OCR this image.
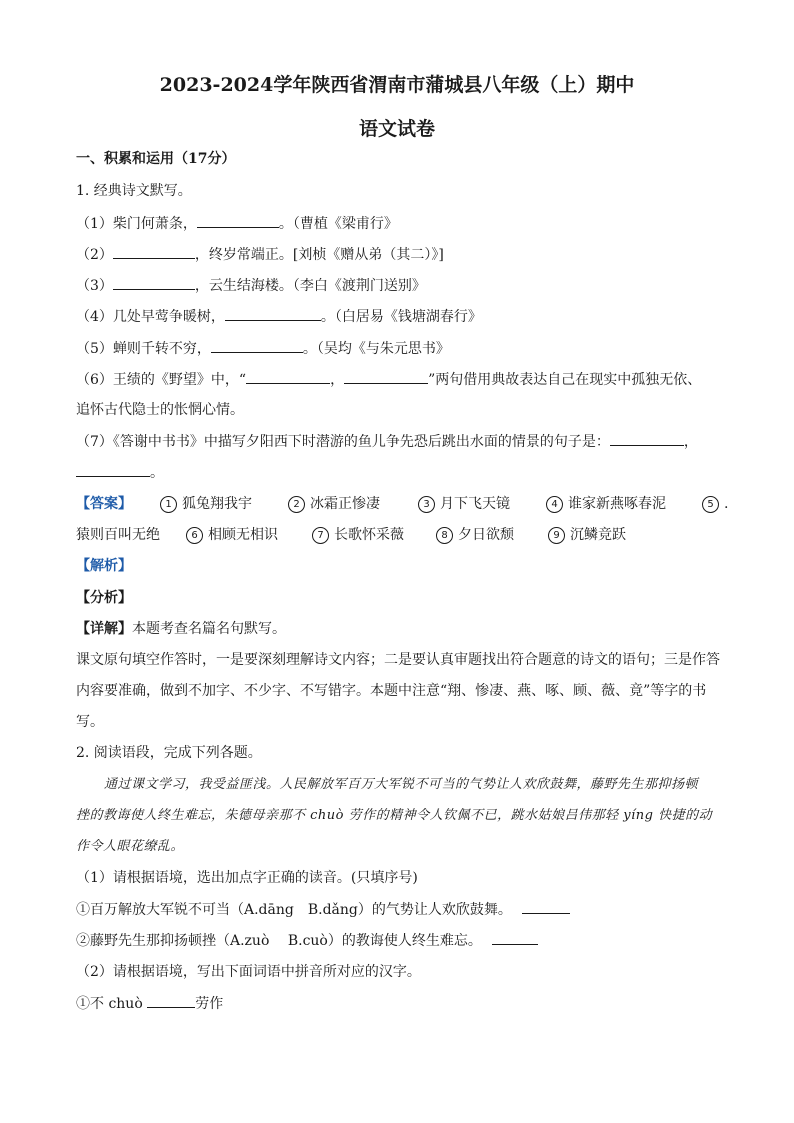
2023-2024学年陕西省渭南市蒲城县八年级（上）期中
语文试卷
一、积累和运用（17分）
1. 经典诗文默写。
（1）柴门何萧条，	。（曹植《梁甫行》
（2）	，终岁常端正。[刘桢《赠从弟（其二）》]
（3）	，云生结海楼。（李白《渡荆门送别》
（4）几处早莺争暖树，	。（白居易《钱塘湖春行》
（5）蝉则千转不穷，	。（吴均《与朱元思书》
（6）王绩的《野望》中，“	，	”两句借用典故表达自己在现实中孤独无依、
追怀古代隐士的怅惘心情。
（7）《答谢中书书》中描写夕阳西下时潜游的鱼儿争先恐后跳出水面的情景的句子是：	，
。
【答案】	1 狐兔翔我宇	2 冰霜正惨凄	3 月下飞天镜	4 谁家新燕啄春泥	5 .
猿则百叫无绝	6 相顾无相识	7 长歌怀采薇	8 夕日欲颓	9 沉鳞竞跃
【解析】
【分析】
【详解】本题考查名篇名句默写。
课文原句填空作答时，一是要深刻理解诗文内容；二是要认真审题找出符合题意的诗文的语句；三是作答
内容要准确，做到不加字、不少字、不写错字。本题中注意“翔、惨凄、燕、啄、顾、薇、竟”等字的书
写。
2. 阅读语段，完成下列各题。
通过课文学习，我受益匪浅。人民解放军百万大军锐不可当的气势让人欢欣鼓舞，藤野先生那抑扬顿
挫的教诲使人终生难忘，朱德母亲那不 chuò 劳作的精神令人钦佩不已，跳水姑娘吕伟那轻 yíng 快捷的动
作令人眼花缭乱。
（1）请根据语境，选出加点字正确的读音。(只填序号)
①百万解放大军锐不可当（A.dāng　B.dǎng）的气势让人欢欣鼓舞。
②藤野先生那抑扬顿挫（A.zuò　 B.cuò）的教诲使人终生难忘。
（2）请根据语境，写出下面词语中拼音所对应的汉字。
①不 chuò	劳作
